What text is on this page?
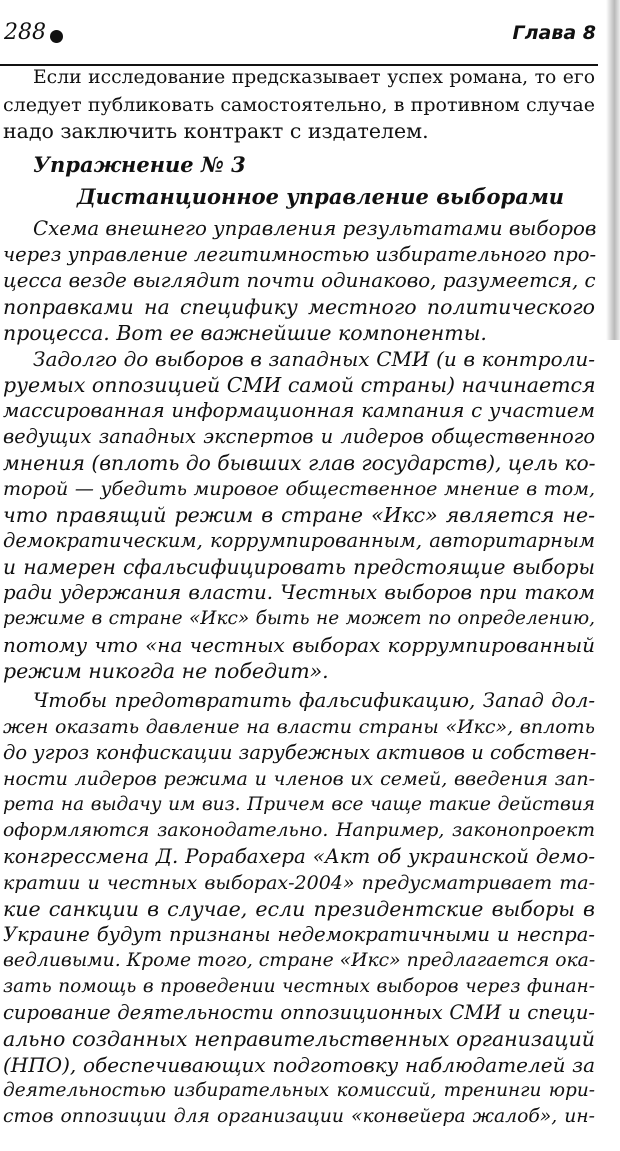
288	Глава 8
Если исследование предсказывает успех романа, то его
следует публиковать самостоятельно, в противном случае
надо заключить контракт с издателем.
Упражнение № 3
Дистанционное управление выборами
Схема внешнего управления результатами выборов
через управление легитимностью избирательного про-
цесса везде выглядит почти одинаково, разумеется, с
поправками на специфику местного политического
процесса. Вот ее важнейшие компоненты.
Задолго до выборов в западных СМИ (и в контроли-
руемых оппозицией СМИ самой страны) начинается
массированная информационная кампания с участием
ведущих западных экспертов и лидеров общественного
мнения (вплоть до бывших глав государств), цель ко-
торой — убедить мировое общественное мнение в том,
что правящий режим в стране «Икс» является не-
демократическим, коррумпированным, авторитарным
и намерен сфальсифицировать предстоящие выборы
ради удержания власти. Честных выборов при таком
режиме в стране «Икс» быть не может по определению,
потому что «на честных выборах коррумпированный
режим никогда не победит».
Чтобы предотвратить фальсификацию, Запад дол-
жен оказать давление на власти страны «Икс», вплоть
до угроз конфискации зарубежных активов и собствен-
ности лидеров режима и членов их семей, введения зап-
рета на выдачу им виз. Причем все чаще такие действия
оформляются законодательно. Например, законопроект
конгрессмена Д. Рорабахера «Акт об украинской демо-
кратии и честных выборах-2004» предусматривает та-
кие санкции в случае, если президентские выборы в
Украине будут признаны недемократичными и неспра-
ведливыми. Кроме того, стране «Икс» предлагается ока-
зать помощь в проведении честных выборов через финан-
сирование деятельности оппозиционных СМИ и специ-
ально созданных неправительственных организаций
(НПО), обеспечивающих подготовку наблюдателей за
деятельностью избирательных комиссий, тренинги юри-
стов оппозиции для организации «конвейера жалоб», ин-
